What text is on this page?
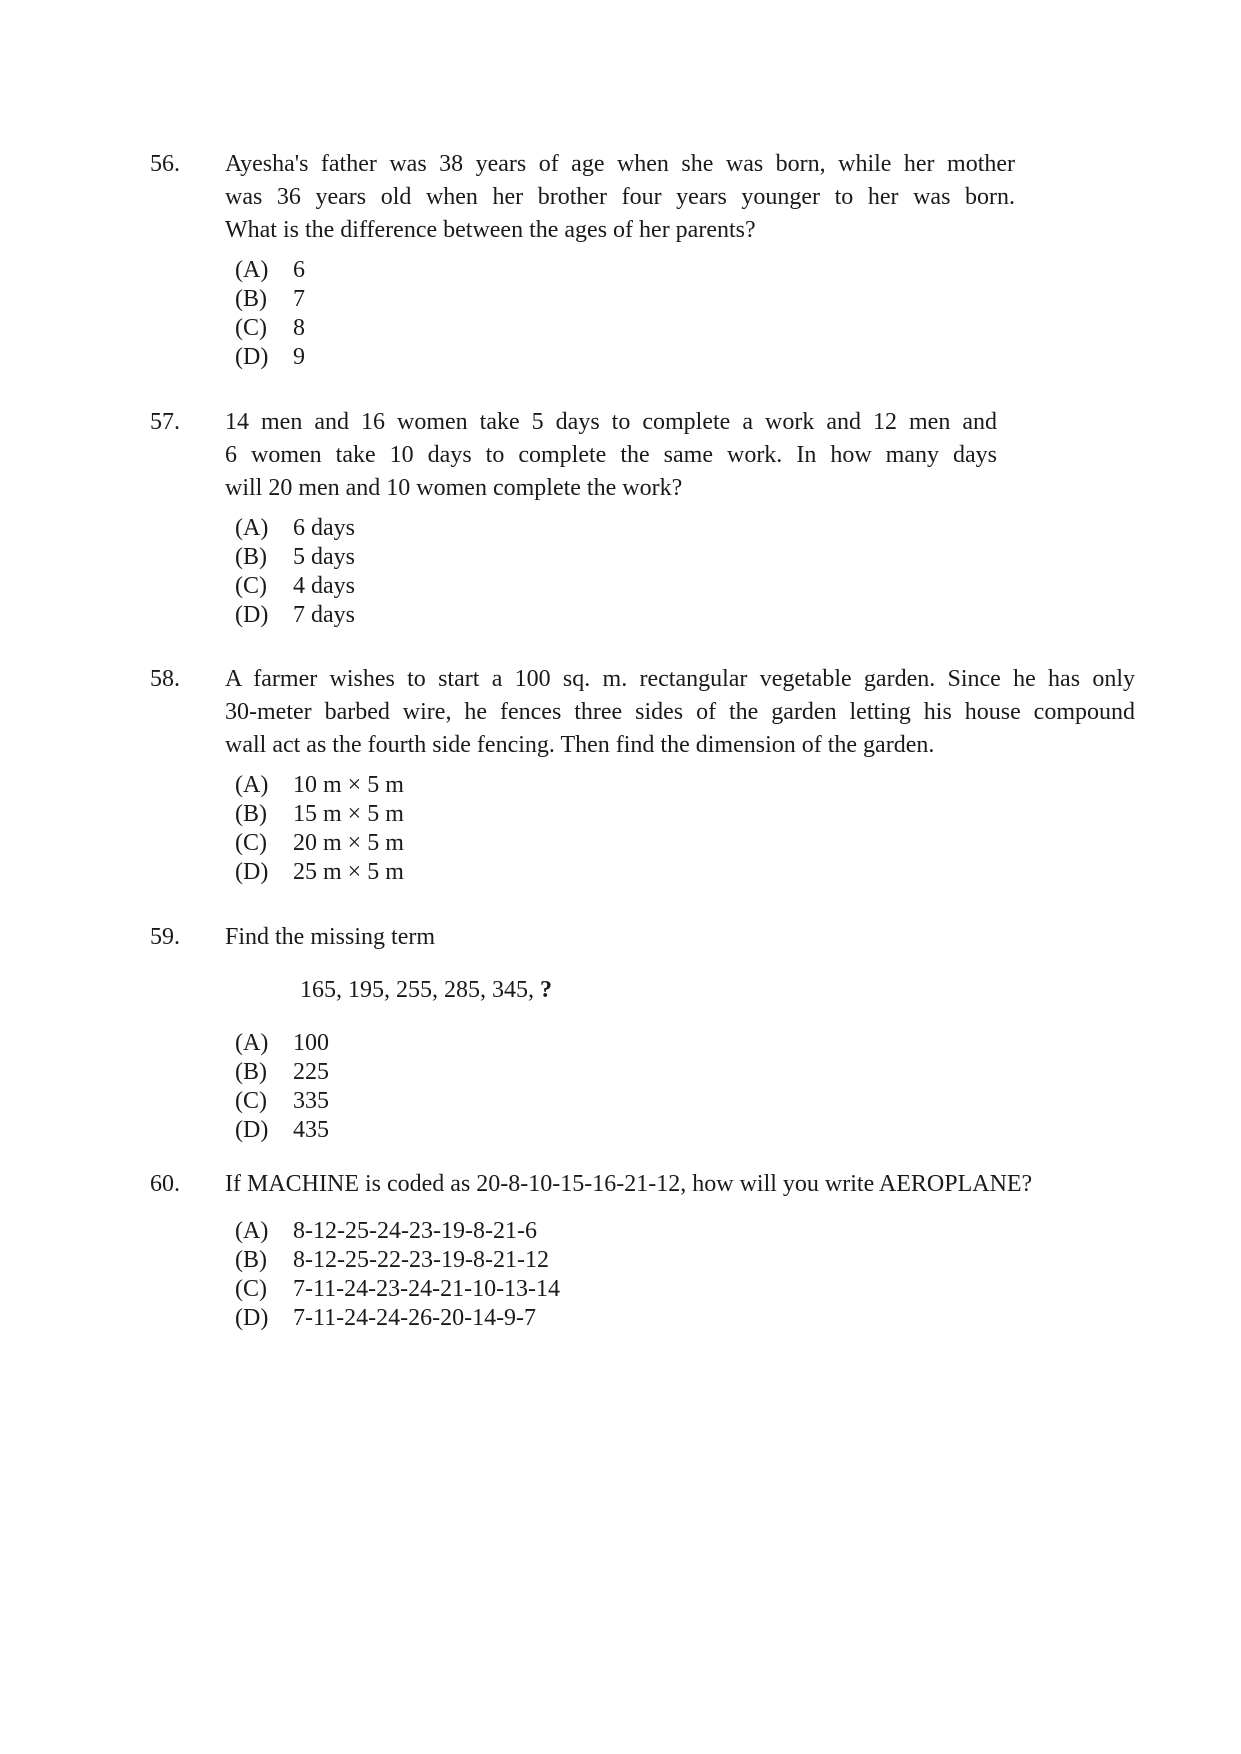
56. Ayesha's father was 38 years of age when she was born, while her mother
was 36 years old when her brother four years younger to her was born.
What is the difference between the ages of her parents?
(A) 6
(B) 7
(C) 8
(D) 9
57. 14 men and 16 women take 5 days to complete a work and 12 men and
6 women take 10 days to complete the same work. In how many days
will 20 men and 10 women complete the work?
(A) 6 days
(B) 5 days
(C) 4 days
(D) 7 days
58. A farmer wishes to start a 100 sq. m. rectangular vegetable garden. Since he has only
30-meter barbed wire, he fences three sides of the garden letting his house compound
wall act as the fourth side fencing. Then find the dimension of the garden.
(A) 10 m × 5 m
(B) 15 m × 5 m
(C) 20 m × 5 m
(D) 25 m × 5 m
59. Find the missing term
165, 195, 255, 285, 345, ?
(A) 100
(B) 225
(C) 335
(D) 435
60. If MACHINE is coded as 20-8-10-15-16-21-12, how will you write AEROPLANE?
(A) 8-12-25-24-23-19-8-21-6
(B) 8-12-25-22-23-19-8-21-12
(C) 7-11-24-23-24-21-10-13-14
(D) 7-11-24-24-26-20-14-9-7
